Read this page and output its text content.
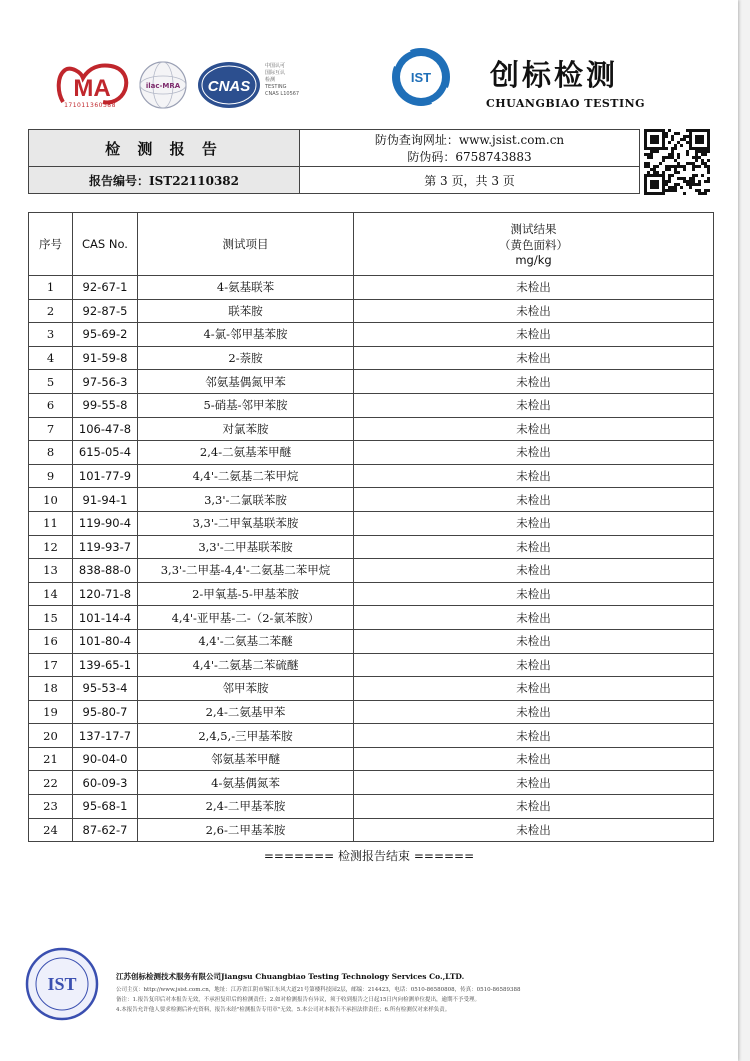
MA
171011360388
ilac-MRA CNAS
中国认可
国际互认
检测
TESTING
CNAS L10567
IST 创标检测
CHUANGBIAO TESTING
检 测 报 告	防伪查询网址：www.jsist.com.cn
防伪码：6758743883

报告编号：IST22110382	第 3 页，共 3 页
序号	CAS No.	测试项目	测试结果
（黄色面料）
mg/kg

1	92-67-1	4-氨基联苯	未检出
2	92-87-5	联苯胺	未检出
3	95-69-2	4-氯-邻甲基苯胺	未检出
4	91-59-8	2-萘胺	未检出
5	97-56-3	邻氨基偶氮甲苯	未检出
6	99-55-8	5-硝基-邻甲苯胺	未检出
7	106-47-8	对氯苯胺	未检出
8	615-05-4	2,4-二氨基苯甲醚	未检出
9	101-77-9	4,4'-二氨基二苯甲烷	未检出
10	91-94-1	3,3'-二氯联苯胺	未检出
11	119-90-4	3,3'-二甲氧基联苯胺	未检出
12	119-93-7	3,3'-二甲基联苯胺	未检出
13	838-88-0	3,3'-二甲基-4,4'-二氨基二苯甲烷	未检出
14	120-71-8	2-甲氧基-5-甲基苯胺	未检出
15	101-14-4	4,4'-亚甲基-二-（2-氯苯胺）	未检出
16	101-80-4	4,4'-二氨基二苯醚	未检出
17	139-65-1	4,4'-二氨基二苯硫醚	未检出
18	95-53-4	邻甲苯胺	未检出
19	95-80-7	2,4-二氨基甲苯	未检出
20	137-17-7	2,4,5,-三甲基苯胺	未检出
21	90-04-0	邻氨基苯甲醚	未检出
22	60-09-3	4-氨基偶氮苯	未检出
23	95-68-1	2,4-二甲基苯胺	未检出
24	87-62-7	2,6-二甲基苯胺	未检出
======= 检测报告结束 ======
IST	江苏创标检测技术服务有限公司Jiangsu Chuangbiao Testing Technology Services Co.,LTD.
公司主页：http://www.jsist.com.cn，地址：江苏省江阴市锡江东风大道21号第楼科技园2层，邮编：214423，电话：0510-86580808，传真：0510-86589388
备注：1.报告复印后对本报告无效，不承担复印后的检测责任；2.如对检测报告有异议，须于收到报告之日起15日内向检测单位提出，逾期不予受理。
4.本报告允许他人要求检测后补充资料，报告未经"检测报告专用章"无效。5.本公司对本报告不承担法律责任；6.所有检测仅对来样负责。
